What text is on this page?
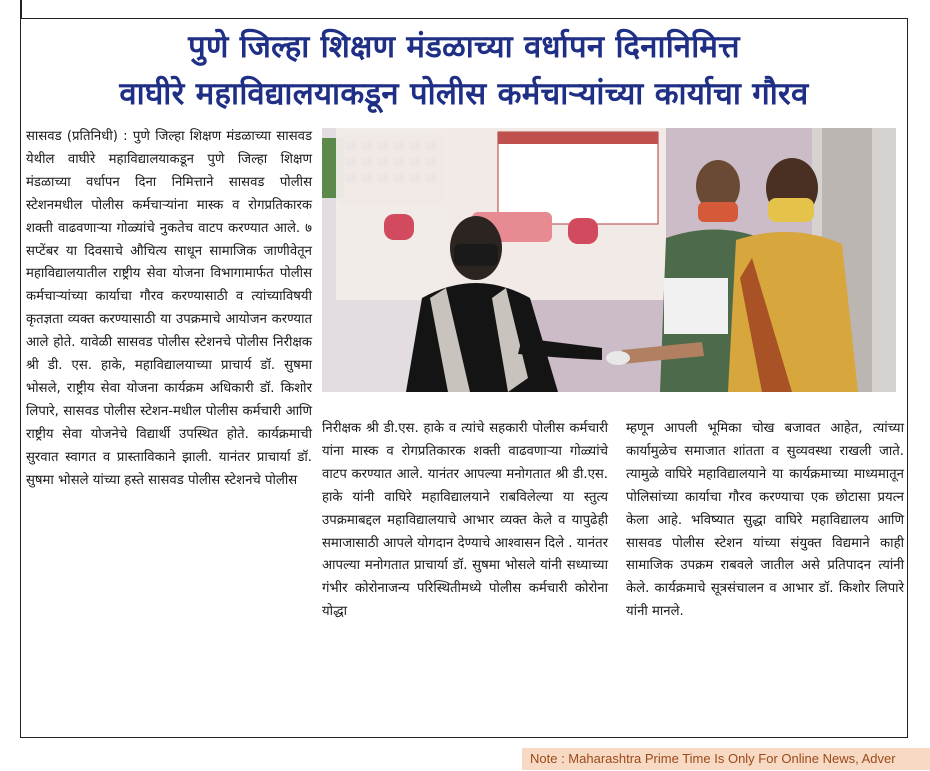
पुणे जिल्हा शिक्षण मंडळाच्या वर्धापन दिनानिमित्त
वाघीरे महाविद्यालयाकडून पोलीस कर्मचाऱ्यांच्या कार्याचा गौरव
सासवड (प्रतिनिधी) : पुणे जिल्हा शिक्षण मंडळाच्या सासवड येथील वाघीरे महाविद्यालयाकडून पुणे जिल्हा शिक्षण मंडळाच्या वर्धापन दिना निमित्ताने सासवड पोलीस स्टेशनमधील पोलीस कर्मचाऱ्यांना मास्क व रोगप्रतिकारक शक्ती वाढवणाऱ्या गोळ्यांचे नुकतेच वाटप करण्यात आले. ७ सप्टेंबर या दिवसाचे औचित्य साधून सामाजिक जाणीवेतून महाविद्यालयातील राष्ट्रीय सेवा योजना विभागामार्फत पोलीस कर्मचाऱ्यांच्या कार्याचा गौरव करण्यासाठी व त्यांच्याविषयी कृतज्ञता व्यक्त करण्यासाठी या उपक्रमाचे आयोजन करण्यात आले होते. यावेळी सासवड पोलीस स्टेशनचे पोलीस निरीक्षक श्री डी. एस. हाके, महाविद्यालयाच्या प्राचार्य डॉ. सुषमा भोसले, राष्ट्रीय सेवा योजना कार्यक्रम अधिकारी डॉ. किशोर लिपारे, सासवड पोलीस स्टेशन-मधील पोलीस कर्मचारी आणि राष्ट्रीय सेवा योजनेचे विद्यार्थी उपस्थित होते. कार्यक्रमाची सुरवात स्वागत व प्रास्ताविकाने झाली. यानंतर प्राचार्या डॉ. सुषमा भोसले यांच्या हस्ते सासवड पोलीस स्टेशनचे पोलीस
निरीक्षक श्री डी.एस. हाके व त्यांचे सहकारी पोलीस कर्मचारी यांना मास्क व रोगप्रतिकारक शक्ती वाढवणाऱ्या गोळ्यांचे वाटप करण्यात आले. यानंतर आपल्या मनोगतात श्री डी.एस. हाके यांनी वाघिरे महाविद्यालयाने राबविलेल्या या स्तुत्य उपक्रमाबद्दल महाविद्यालयाचे आभार व्यक्त केले व यापुढेही समाजासाठी आपले योगदान देण्याचे आश्वासन दिले . यानंतर आपल्या मनोगतात प्राचार्या डॉ. सुषमा भोसले यांनी सध्याच्या गंभीर कोरोनाजन्य परिस्थितीमध्ये पोलीस कर्मचारी कोरोना योद्धा
म्हणून आपली भूमिका चोख बजावत आहेत, त्यांच्या कार्यामुळेच समाजात शांतता व सुव्यवस्था राखली जाते. त्यामुळे वाघिरे महाविद्यालयाने या कार्यक्रमाच्या माध्यमातून पोलिसांच्या कार्याचा गौरव करण्याचा एक छोटासा प्रयत्न केला आहे. भविष्यात सुद्धा वाघिरे महाविद्यालय आणि सासवड पोलीस स्टेशन यांच्या संयुक्त विद्यमाने काही सामाजिक उपक्रम राबवले जातील असे प्रतिपादन त्यांनी केले. कार्यक्रमाचे सूत्रसंचालन व आभार डॉ. किशोर लिपारे यांनी मानले.
Note : Maharashtra Prime Time Is Only For Online News, Adver
